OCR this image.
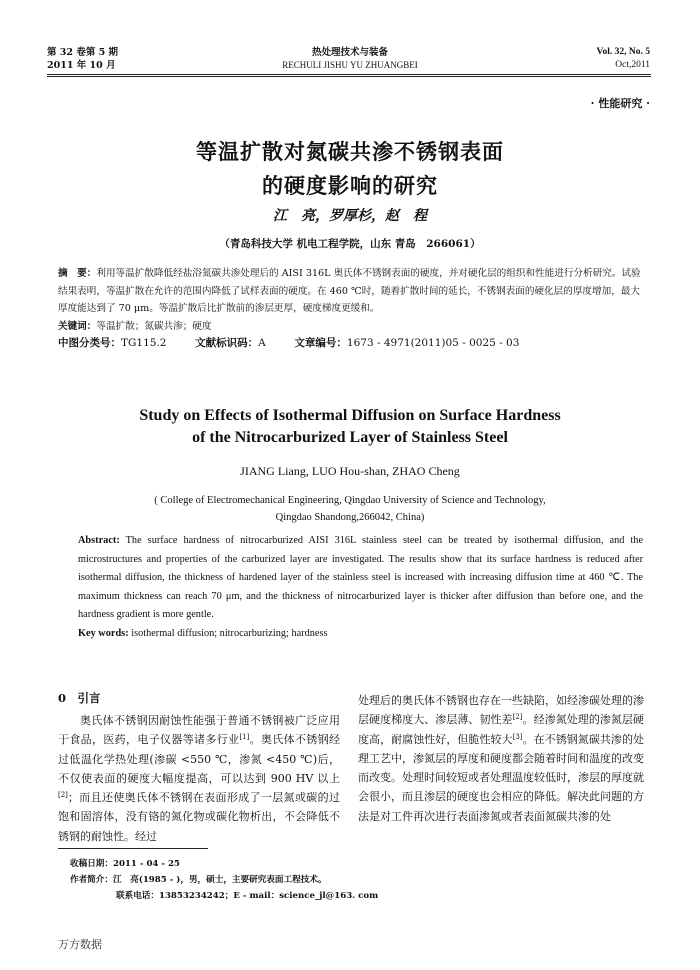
第 32 卷第 5 期
2011 年 10 月
热处理技术与装备
RECHULI JISHU YU ZHUANGBEI
Vol. 32, No. 5
Oct,2011
· 性能研究 ·
等温扩散对氮碳共渗不锈钢表面
的硬度影响的研究
江　亮，罗厚杉，赵　程
（青岛科技大学 机电工程学院，山东 青岛　266061）
摘　要：利用等温扩散降低经盐浴氮碳共渗处理后的 AISI 316L 奥氏体不锈钢表面的硬度，并对硬化层的组织和性能进行分析研究。试验结果表明，等温扩散在允许的范围内降低了试样表面的硬度。在 460 ℃时，随着扩散时间的延长，不锈钢表面的硬化层的厚度增加，最大厚度能达到了 70 μm。等温扩散后比扩散前的渗层更厚，硬度梯度更缓和。
关键词：等温扩散；氮碳共渗；硬度
中图分类号：TG115.2	文献标识码：A	文章编号：1673 - 4971(2011)05 - 0025 - 03
Study on Effects of Isothermal Diffusion on Surface Hardness
of the Nitrocarburized Layer of Stainless Steel
JIANG Liang, LUO Hou-shan, ZHAO Cheng
( College of Electromechanical Engineering, Qingdao University of Science and Technology,
Qingdao Shandong,266042, China)
Abstract: The surface hardness of nitrocarburized AISI 316L stainless steel can be treated by isothermal diffusion, and the microstructures and properties of the carburized layer are investigated. The results show that its surface hardness is reduced after isothermal diffusion, the thickness of hardened layer of the stainless steel is increased with increasing diffusion time at 460 ℃. The maximum thickness can reach 70 μm, and the thickness of nitrocarburized layer is thicker after diffusion than before one, and the hardness gradient is more gentle.
Key words: isothermal diffusion; nitrocarburizing; hardness
0　引言
奥氏体不锈钢因耐蚀性能强于普通不锈钢被广泛应用于食品，医药，电子仪器等诸多行业[1]。奥氏体不锈钢经过低温化学热处理(渗碳 <550 ℃，渗氮 <450 ℃)后，不仅使表面的硬度大幅度提高，可以达到 900 HV 以上[2]；而且还使奥氏体不锈钢在表面形成了一层氮或碳的过饱和固溶体，没有铬的氮化物或碳化物析出，不会降低不锈钢的耐蚀性。经过
处理后的奥氏体不锈钢也存在一些缺陷，如经渗碳处理的渗层硬度梯度大、渗层薄、韧性差[2]。经渗氮处理的渗氮层硬度高，耐腐蚀性好，但脆性较大[3]。在不锈钢氮碳共渗的处理工艺中，渗氮层的厚度和硬度都会随着时间和温度的改变而改变。处理时间较短或者处理温度较低时，渗层的厚度就会很小，而且渗层的硬度也会相应的降低。解决此问题的方法是对工件再次进行表面渗氮或者表面氮碳共渗的处
收稿日期：2011 - 04 - 25
作者简介：江　亮(1985 - )，男，硕士，主要研究表面工程技术。
联系电话：13853234242；E - mail：science_jl@163. com
万方数据
